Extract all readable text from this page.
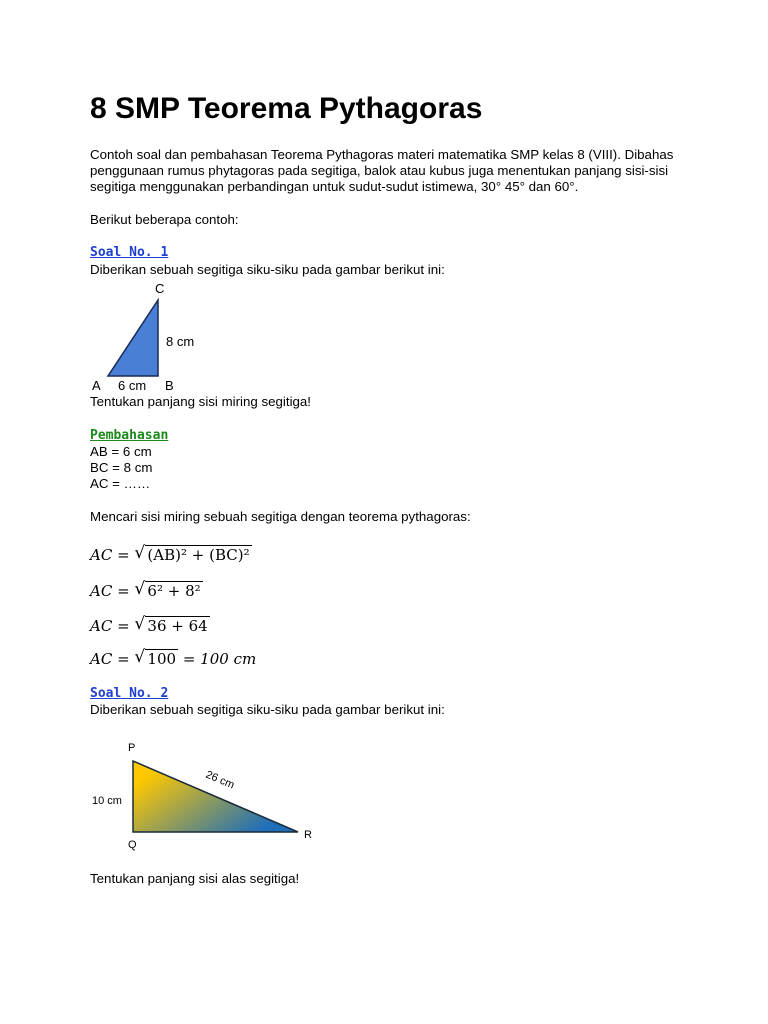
8 SMP Teorema Pythagoras

Contoh soal dan pembahasan Teorema Pythagoras materi matematika SMP kelas 8 (VIII). Dibahas penggunaan rumus phytagoras pada segitiga, balok atau kubus juga menentukan panjang sisi-sisi segitiga menggunakan perbandingan untuk sudut-sudut istimewa, 30° 45° dan 60°.

Berikut beberapa contoh:

Soal No. 1

Diberikan sebuah segitiga siku-siku pada gambar berikut ini:

C
A	B
8 cm
6 cm

Tentukan panjang sisi miring segitiga!

Pembahasan

AB = 6 cm

BC = 8 cm

AC = ……

Mencari sisi miring sebuah segitiga dengan teorema pythagoras:

AC = √ (AB)² + (BC)²
AC = √ 6² + 8²
AC = √ 36 + 64
AC = √ 100 = 100 cm
Soal No. 2

Diberikan sebuah segitiga siku-siku pada gambar berikut ini:

P
Q
R
10 cm
26 cm

Tentukan panjang sisi alas segitiga!
